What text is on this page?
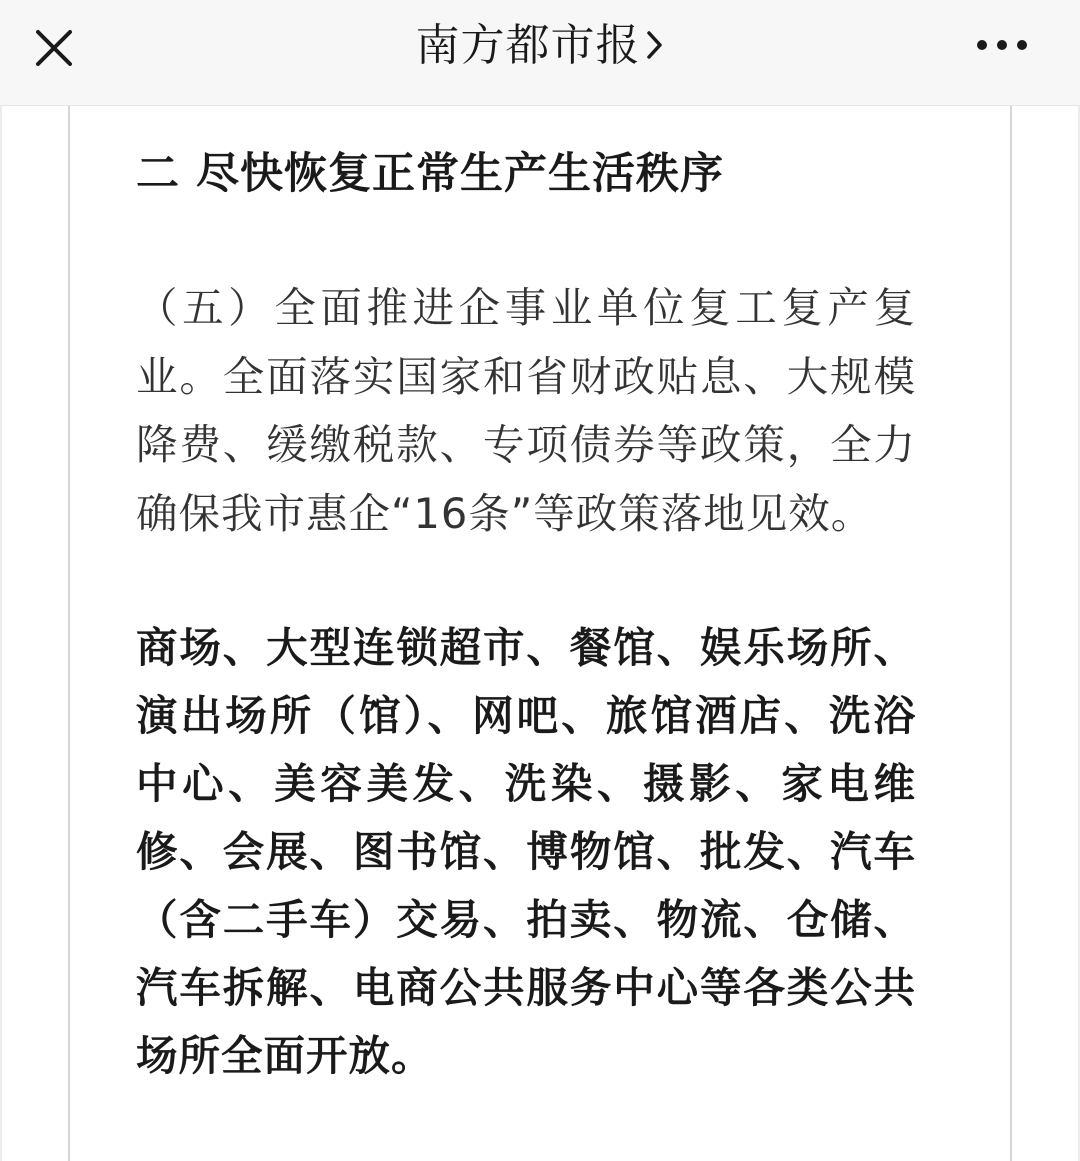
南方都市报
二 尽快恢复正常生产生活秩序

（五）全面推进企事业单位复工复产复业。全面落实国家和省财政贴息、大规模降费、缓缴税款、专项债券等政策，全力确保我市惠企“16条”等政策落地见效。

商场、大型连锁超市、餐馆、娱乐场所、演出场所（馆）、网吧、旅馆酒店、洗浴中心、美容美发、洗染、摄影、家电维修、会展、图书馆、博物馆、批发、汽车（含二手车）交易、拍卖、物流、仓储、汽车拆解、电商公共服务中心等各类公共场所全面开放。
